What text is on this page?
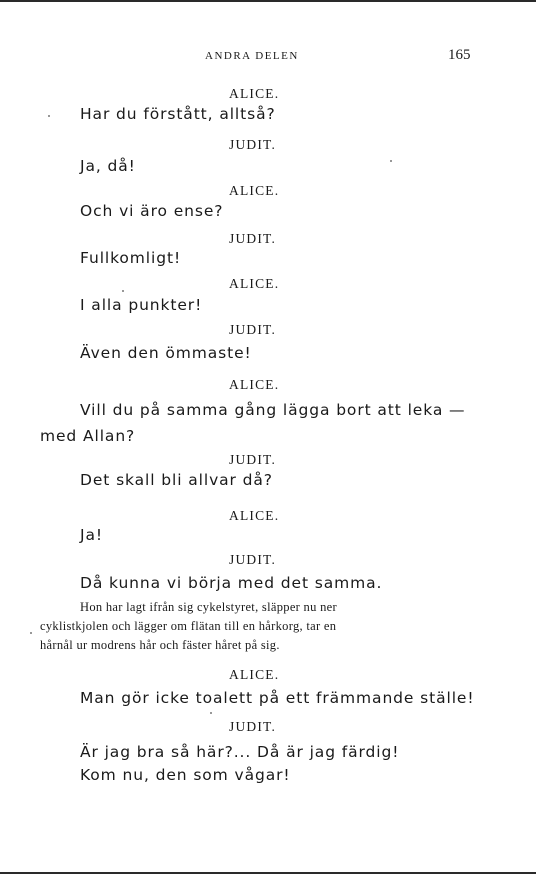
ANDRA DELEN	165
ALICE.
Har du förstått, alltså?
JUDIT.
Ja, då!
ALICE.
Och vi äro ense?
JUDIT.
Fullkomligt!
ALICE.
I alla punkter!
JUDIT.
Även den ömmaste!
ALICE.
Vill du på samma gång lägga bort att leka —
med Allan?
JUDIT.
Det skall bli allvar då?
ALICE.
Ja!
JUDIT.
Då kunna vi börja med det samma.
Hon har lagt ifrån sig cykelstyret, släpper nu ner
cyklistkjolen och lägger om flätan till en hårkorg, tar en
hårnål ur modrens hår och fäster håret på sig.
ALICE.
Man gör icke toalett på ett främmande ställe!
JUDIT.
Är jag bra så här?... Då är jag färdig!
Kom nu, den som vågar!
